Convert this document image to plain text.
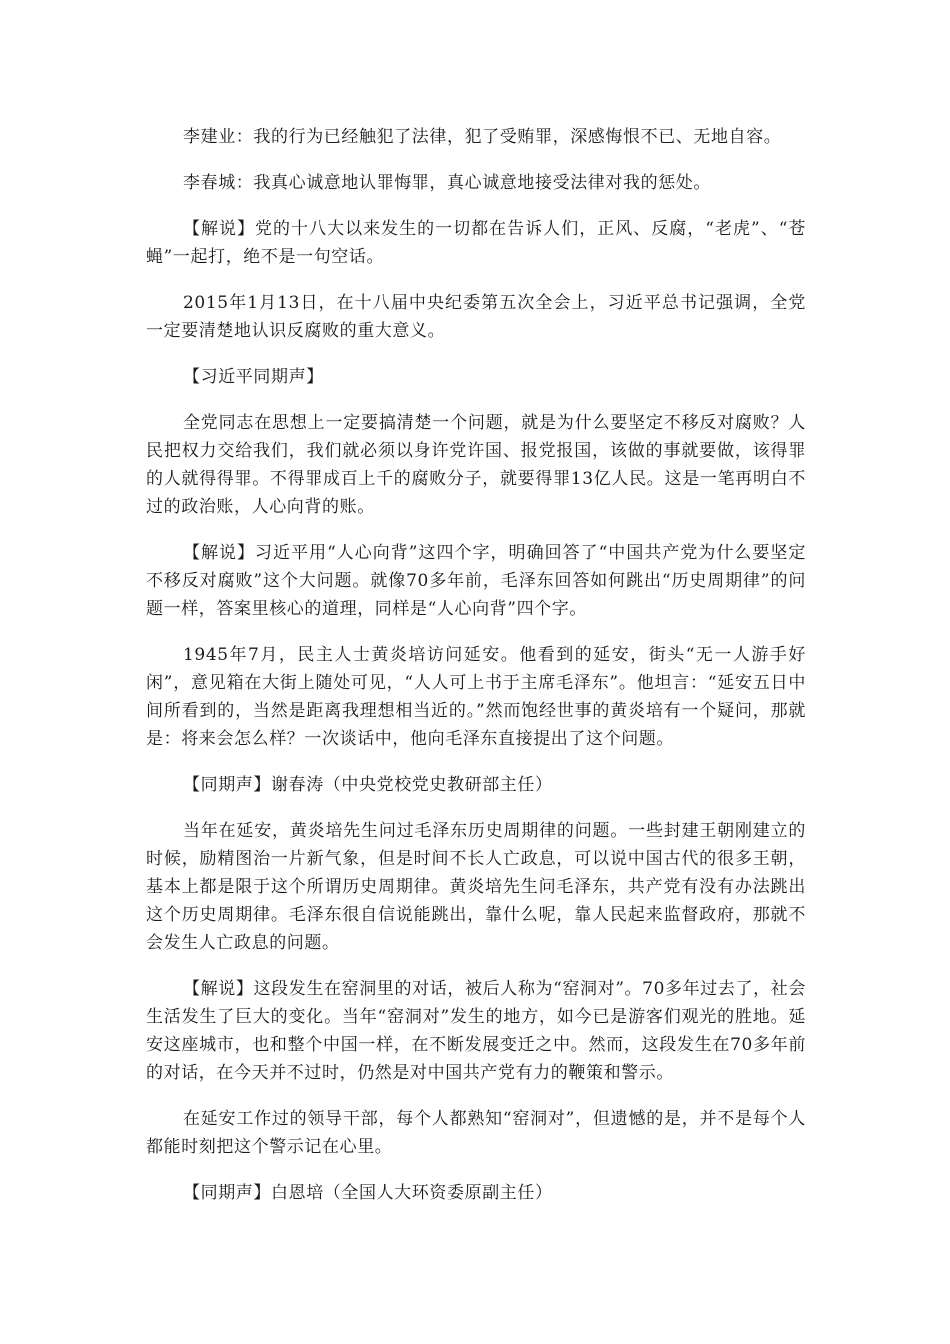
李建业：我的行为已经触犯了法律，犯了受贿罪，深感悔恨不已、无地自容。

李春城：我真心诚意地认罪悔罪，真心诚意地接受法律对我的惩处。

【解说】党的十八大以来发生的一切都在告诉人们，正风、反腐，“老虎”、“苍蝇”一起打，绝不是一句空话。

2015年1月13日，在十八届中央纪委第五次全会上，习近平总书记强调，全党一定要清楚地认识反腐败的重大意义。

【习近平同期声】

全党同志在思想上一定要搞清楚一个问题，就是为什么要坚定不移反对腐败？人民把权力交给我们，我们就必须以身许党许国、报党报国，该做的事就要做，该得罪的人就得得罪。不得罪成百上千的腐败分子，就要得罪13亿人民。这是一笔再明白不过的政治账，人心向背的账。

【解说】习近平用“人心向背”这四个字，明确回答了“中国共产党为什么要坚定不移反对腐败”这个大问题。就像70多年前，毛泽东回答如何跳出“历史周期律”的问题一样，答案里核心的道理，同样是“人心向背”四个字。

1945年7月，民主人士黄炎培访问延安。他看到的延安，街头“无一人游手好闲”，意见箱在大街上随处可见，“人人可上书于主席毛泽东”。他坦言：“延安五日中间所看到的，当然是距离我理想相当近的。”然而饱经世事的黄炎培有一个疑问，那就是：将来会怎么样？一次谈话中，他向毛泽东直接提出了这个问题。

【同期声】谢春涛（中央党校党史教研部主任）

当年在延安，黄炎培先生问过毛泽东历史周期律的问题。一些封建王朝刚建立的时候，励精图治一片新气象，但是时间不长人亡政息，可以说中国古代的很多王朝，基本上都是限于这个所谓历史周期律。黄炎培先生问毛泽东，共产党有没有办法跳出这个历史周期律。毛泽东很自信说能跳出，靠什么呢，靠人民起来监督政府，那就不会发生人亡政息的问题。

【解说】这段发生在窑洞里的对话，被后人称为“窑洞对”。70多年过去了，社会生活发生了巨大的变化。当年“窑洞对”发生的地方，如今已是游客们观光的胜地。延安这座城市，也和整个中国一样，在不断发展变迁之中。然而，这段发生在70多年前的对话，在今天并不过时，仍然是对中国共产党有力的鞭策和警示。

在延安工作过的领导干部，每个人都熟知“窑洞对”，但遗憾的是，并不是每个人都能时刻把这个警示记在心里。

【同期声】白恩培（全国人大环资委原副主任）
